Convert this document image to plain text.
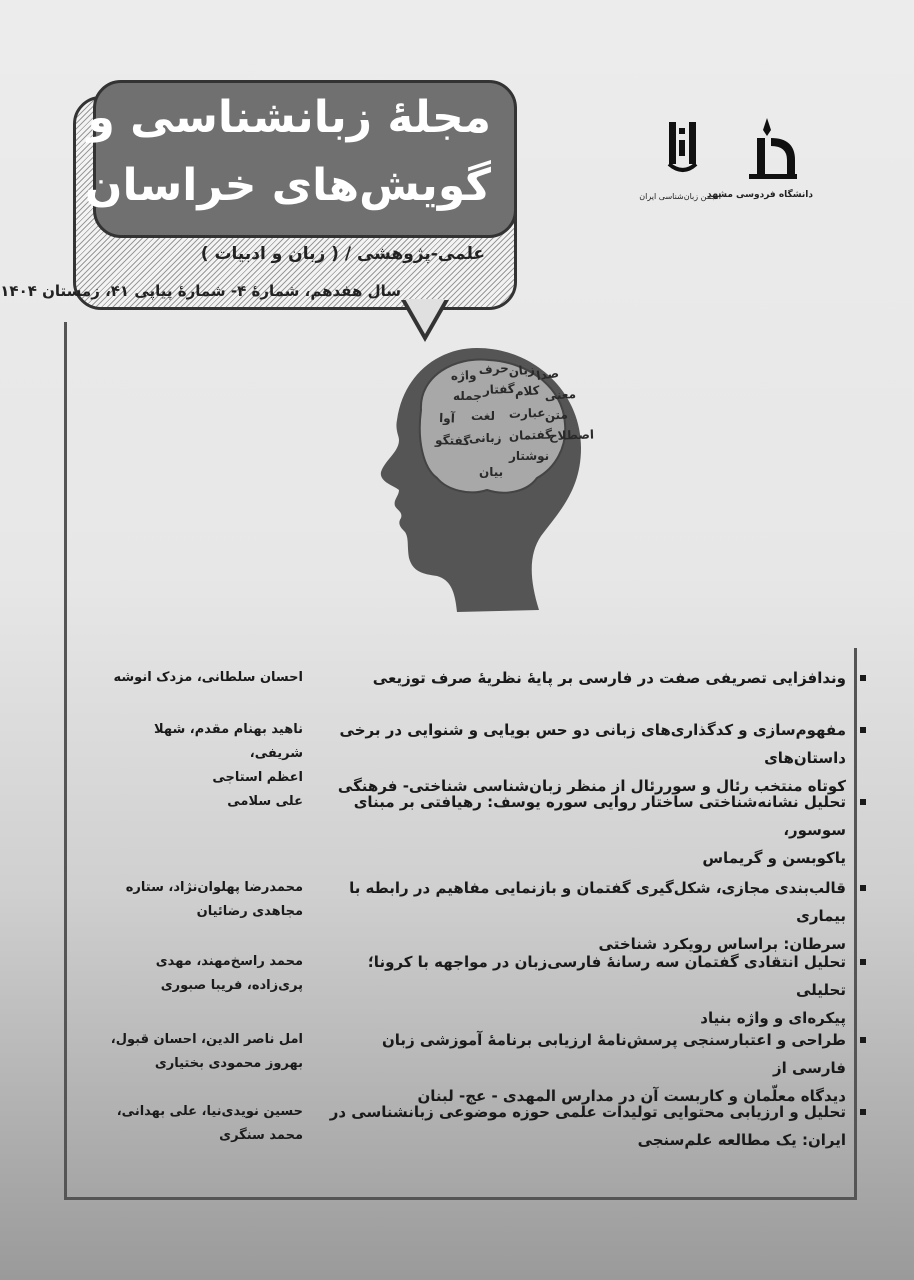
مجلهٔ زبانشناسی و
گویش‌های خراسان
علمی-پژوهشی / ( زبان و ادبیات )
سال هفدهم، شمارهٔ ۴- شمارهٔ پیاپی ۴۱، زمستان ۱۴۰۴
انجمن زبان‌شناسی ایران
دانشگاه فردوسی مشهد
صدا
زبان
حرف
واژه
معنی
کلام
گفتار
جمله
متن
عبارت
لغت
آوا
اصطلاح
گفتمان
زبانی
گفتگو
نوشتار
بیان
وندافزایی تصریفی صفت در فارسی بر پایهٔ نظریهٔ صرف توزیعی
احسان سلطانی، مزدک انوشه
مفهوم‌سازی و کدگذاری‌های زبانی دو حس بویایی و شنوایی در برخی داستان‌های
کوتاه منتخب رئال و سوررئال از منظر زبان‌شناسی شناختی- فرهنگی
ناهید بهنام مقدم، شهلا شریفی،
اعظم استاجی
تحلیل نشانه‌شناختی ساختار روایی سوره یوسف: رهیافتی بر مبنای سوسور،
یاکوبسن و گریماس
علی سلامی
قالب‌بندی مجازی، شکل‌گیری گفتمان و بازنمایی مفاهیم در رابطه با بیماری
سرطان: براساس رویکرد شناختی
محمدرضا پهلوان‌نژاد، ستاره
مجاهدی رضائیان
تحلیل انتقادی گفتمان سه رسانهٔ فارسی‌زبان در مواجهه با کرونا؛ تحلیلی
پیکره‌ای و واژه بنیاد
محمد راسخ‌مهند، مهدی
پری‌زاده، فریبا صبوری
طراحی و اعتبارسنجی پرسش‌نامهٔ ارزیابی برنامهٔ آموزشی زبان فارسی از
دیدگاه معلّمان و کاربست آن در مدارس المهدی - عج- لبنان
امل ناصر الدین، احسان قبول،
بهروز محمودی بختیاری
تحلیل و ارزیابی محتوایی تولیدات علمی حوزه موضوعی زبانشناسی در
ایران: یک مطالعه علم‌سنجی
حسین نویدی‌نیا، علی بهدانی،
محمد سنگری
